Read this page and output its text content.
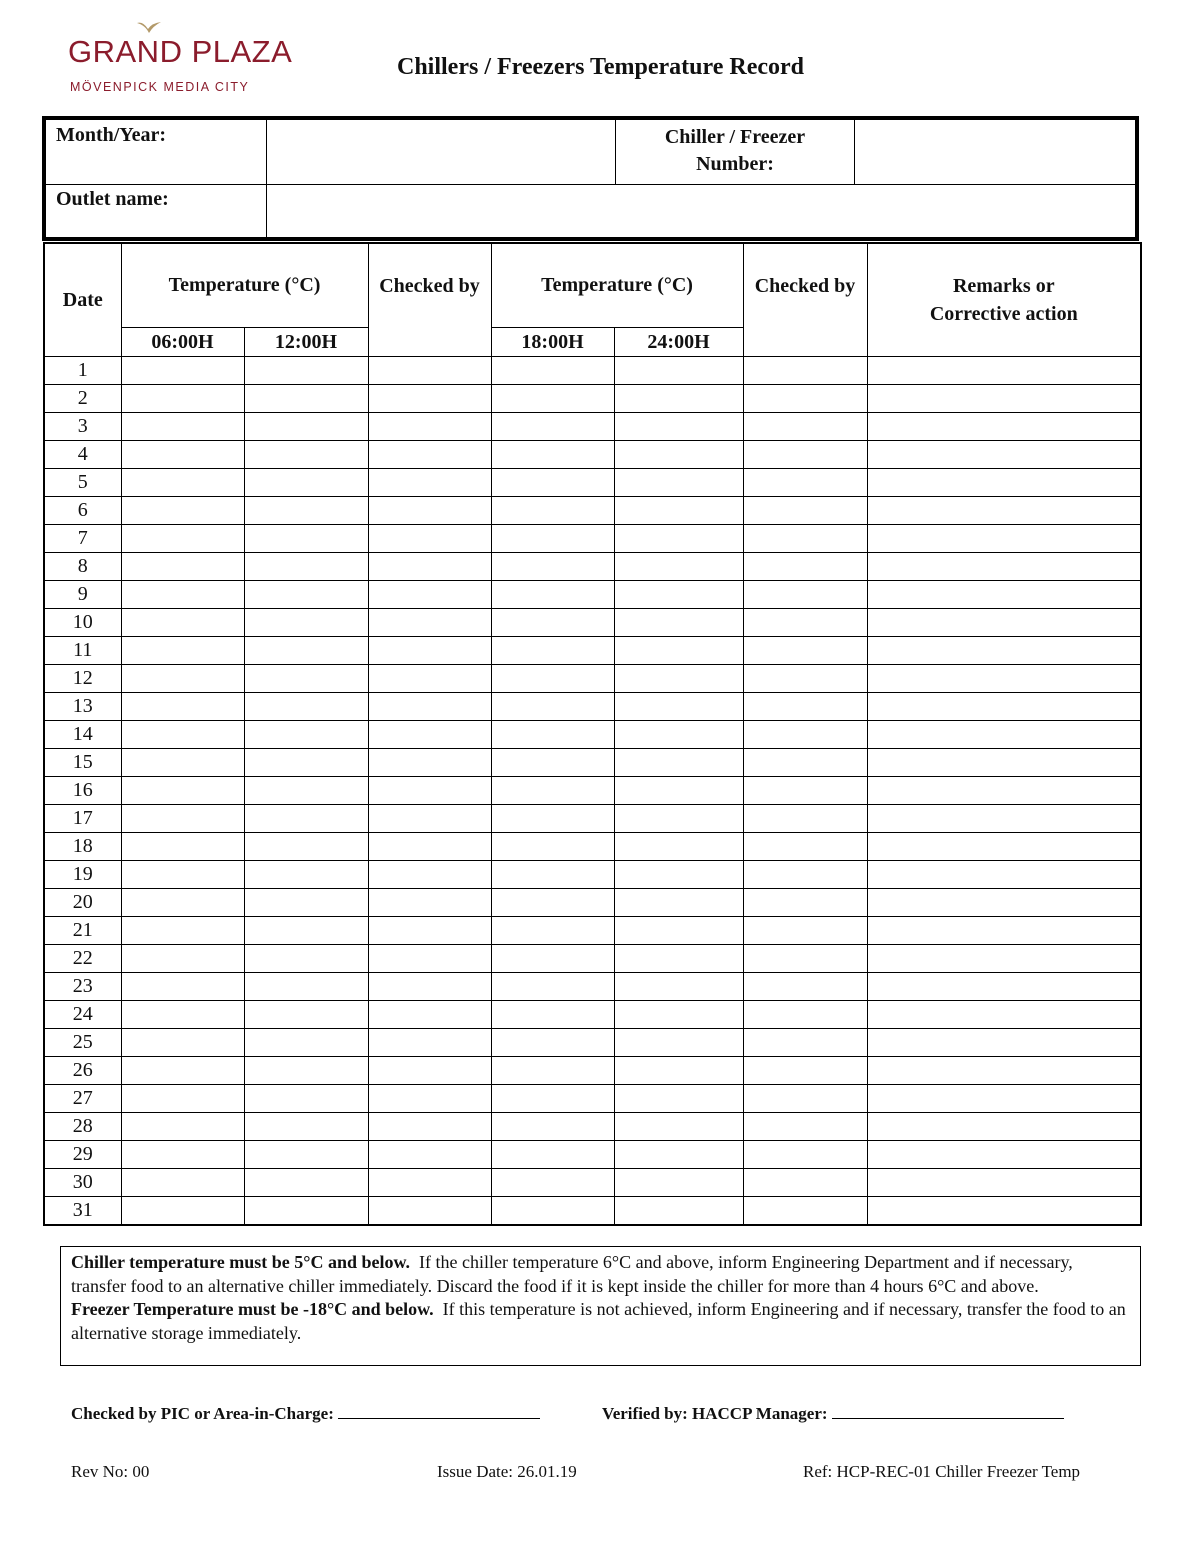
GRAND PLAZA
MÖVENPICK MEDIA CITY
Chillers / Freezers Temperature Record
Month/Year:	Chiller / Freezer
Number:
Outlet name:
Date	Temperature (°C)		Checked by	Temperature (°C)		Checked by	Remarks or Corrective action
	06:00H	12:00H		18:00H	24:00H		
1							
2							
3							
4							
5							
6							
7							
8							
9							
10							
11							
12							
13							
14							
15							
16							
17							
18							
19							
20							
21							
22							
23							
24							
25							
26							
27							
28							
29							
30							
31							
Chiller temperature must be 5°C and below. If the chiller temperature 6°C and above, inform Engineering Department and if necessary, transfer food to an alternative chiller immediately. Discard the food if it is kept inside the chiller for more than 4 hours 6°C and above.
Freezer Temperature must be -18°C and below. If this temperature is not achieved, inform Engineering and if necessary, transfer the food to an alternative storage immediately.
Checked by PIC or Area-in-Charge:	Verified by: HACCP Manager:
Rev No: 00	Issue Date: 26.01.19	Ref: HCP-REC-01 Chiller Freezer Temp
